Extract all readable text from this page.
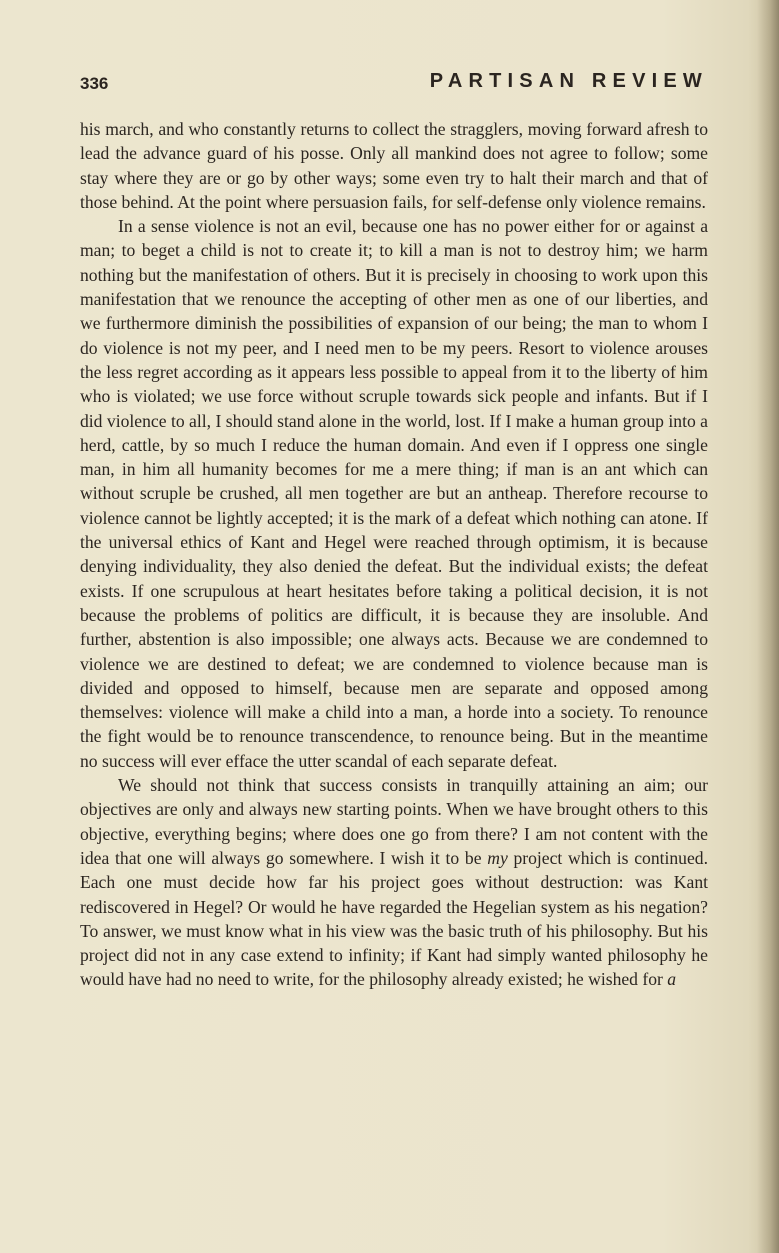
336	PARTISAN REVIEW

his march, and who constantly returns to collect the stragglers, moving forward afresh to lead the advance guard of his posse. Only all mankind does not agree to follow; some stay where they are or go by other ways; some even try to halt their march and that of those behind. At the point where persuasion fails, for self-defense only violence remains.

In a sense violence is not an evil, because one has no power either for or against a man; to beget a child is not to create it; to kill a man is not to destroy him; we harm nothing but the manifestation of others. But it is precisely in choosing to work upon this manifestation that we renounce the accepting of other men as one of our liberties, and we furthermore diminish the possibilities of expansion of our being; the man to whom I do violence is not my peer, and I need men to be my peers. Resort to violence arouses the less regret according as it appears less possible to appeal from it to the liberty of him who is violated; we use force without scruple towards sick people and infants. But if I did violence to all, I should stand alone in the world, lost. If I make a human group into a herd, cattle, by so much I reduce the human domain. And even if I oppress one single man, in him all humanity becomes for me a mere thing; if man is an ant which can without scruple be crushed, all men together are but an antheap. Therefore recourse to violence cannot be lightly accepted; it is the mark of a defeat which nothing can atone. If the universal ethics of Kant and Hegel were reached through optimism, it is because denying individuality, they also denied the defeat. But the individual exists; the defeat exists. If one scrupulous at heart hesitates before taking a political decision, it is not because the problems of politics are difficult, it is because they are insoluble. And further, abstention is also impossible; one always acts. Because we are condemned to violence we are destined to defeat; we are condemned to violence because man is divided and opposed to himself, because men are separate and opposed among themselves: violence will make a child into a man, a horde into a society. To renounce the fight would be to renounce transcendence, to renounce being. But in the meantime no success will ever efface the utter scandal of each separate defeat.

We should not think that success consists in tranquilly attaining an aim; our objectives are only and always new starting points. When we have brought others to this objective, everything begins; where does one go from there? I am not content with the idea that one will always go somewhere. I wish it to be my project which is continued. Each one must decide how far his project goes without destruction: was Kant rediscovered in Hegel? Or would he have regarded the Hegelian system as his negation? To answer, we must know what in his view was the basic truth of his philosophy. But his project did not in any case extend to infinity; if Kant had simply wanted philosophy he would have had no need to write, for the philosophy already existed; he wished for a
